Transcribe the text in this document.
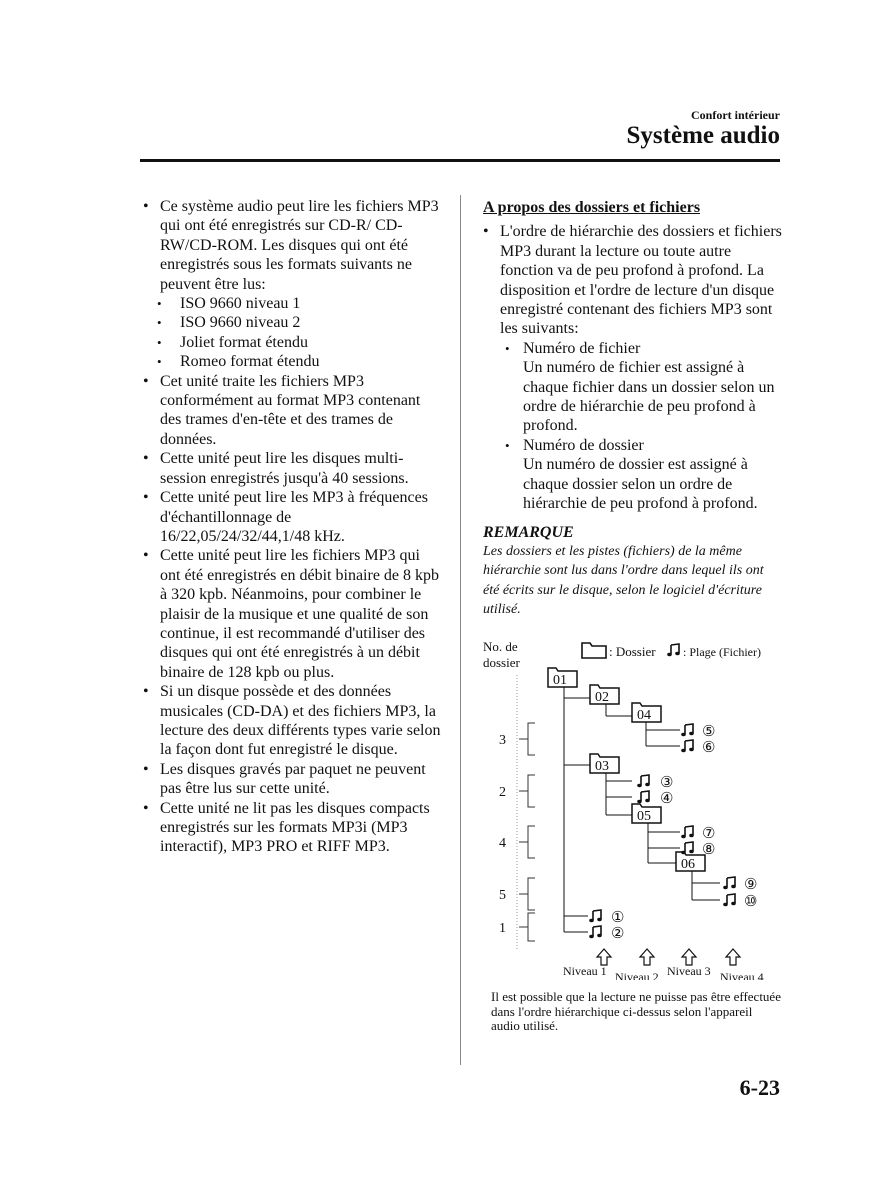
Confort intérieur
Système audio
• Ce système audio peut lire les fichiers MP3 qui ont été enregistrés sur CD-R/ CD-RW/CD-ROM. Les disques qui ont été enregistrés sous les formats suivants ne peuvent être lus:
• ISO 9660 niveau 1
• ISO 9660 niveau 2
• Joliet format étendu
• Romeo format étendu
• Cet unité traite les fichiers MP3 conformément au format MP3 contenant des trames d'en-tête et des trames de données.
• Cette unité peut lire les disques multi-session enregistrés jusqu'à 40 sessions.
• Cette unité peut lire les MP3 à fréquences d'échantillonnage de 16/22,05/24/32/44,1/48 kHz.
• Cette unité peut lire les fichiers MP3 qui ont été enregistrés en débit binaire de 8 kpb à 320 kpb. Néanmoins, pour combiner le plaisir de la musique et une qualité de son continue, il est recommandé d'utiliser des disques qui ont été enregistrés à un débit binaire de 128 kpb ou plus.
• Si un disque possède et des données musicales (CD-DA) et des fichiers MP3, la lecture des deux différents types varie selon la façon dont fut enregistré le disque.
• Les disques gravés par paquet ne peuvent pas être lus sur cette unité.
• Cette unité ne lit pas les disques compacts enregistrés sur les formats MP3i (MP3 interactif), MP3 PRO et RIFF MP3.
A propos des dossiers et fichiers
• L'ordre de hiérarchie des dossiers et fichiers MP3 durant la lecture ou toute autre fonction va de peu profond à profond. La disposition et l'ordre de lecture d'un disque enregistré contenant des fichiers MP3 sont les suivants:
• Numéro de fichier
Un numéro de fichier est assigné à chaque fichier dans un dossier selon un ordre de hiérarchie de peu profond à profond.
• Numéro de dossier
Un numéro de dossier est assigné à chaque dossier selon un ordre de hiérarchie de peu profond à profond.
REMARQUE
Les dossiers et les pistes (fichiers) de la même hiérarchie sont lus dans l'ordre dans lequel ils ont été écrits sur le disque, selon le logiciel d'écriture utilisé.
No. de
dossier
: Dossier : Plage (Fichier)
3
2
4
5
1
01
02
04
03
05
06
⑤
⑥
③
④
⑦
⑧
⑨
⑩
①
②
Niveau 1 Niveau 2 Niveau 3 Niveau 4
Il est possible que la lecture ne puisse pas être effectuée dans l'ordre hiérarchique ci-dessus selon l'appareil audio utilisé.
6-23
